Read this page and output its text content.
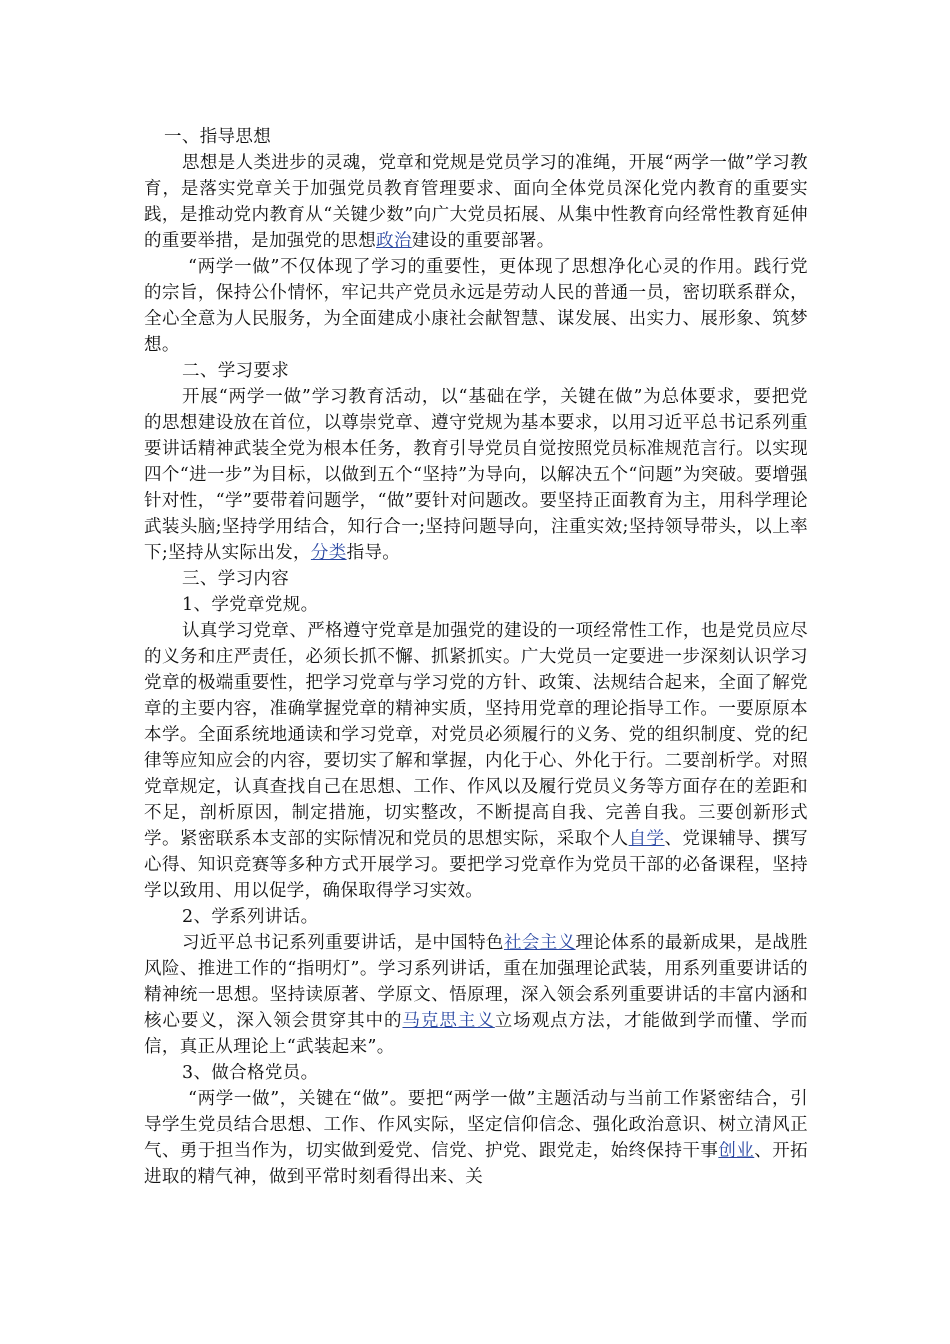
一、指导思想

思想是人类进步的灵魂，党章和党规是党员学习的准绳，开展“两学一做”学习教育，是落实党章关于加强党员教育管理要求、面向全体党员深化党内教育的重要实践，是推动党内教育从“关键少数”向广大党员拓展、从集中性教育向经常性教育延伸的重要举措，是加强党的思想政治建设的重要部署。

“两学一做”不仅体现了学习的重要性，更体现了思想净化心灵的作用。践行党的宗旨，保持公仆情怀，牢记共产党员永远是劳动人民的普通一员，密切联系群众，全心全意为人民服务，为全面建成小康社会献智慧、谋发展、出实力、展形象、筑梦想。

二、学习要求

开展“两学一做”学习教育活动，以“基础在学，关键在做”为总体要求，要把党的思想建设放在首位，以尊崇党章、遵守党规为基本要求，以用习近平总书记系列重要讲话精神武装全党为根本任务，教育引导党员自觉按照党员标准规范言行。以实现四个“进一步”为目标，以做到五个“坚持”为导向，以解决五个“问题”为突破。要增强针对性，“学”要带着问题学，“做”要针对问题改。要坚持正面教育为主，用科学理论武装头脑;坚持学用结合，知行合一;坚持问题导向，注重实效;坚持领导带头，以上率下;坚持从实际出发，分类指导。

三、学习内容

1、学党章党规。

认真学习党章、严格遵守党章是加强党的建设的一项经常性工作，也是党员应尽的义务和庄严责任，必须长抓不懈、抓紧抓实。广大党员一定要进一步深刻认识学习党章的极端重要性，把学习党章与学习党的方针、政策、法规结合起来，全面了解党章的主要内容，准确掌握党章的精神实质，坚持用党章的理论指导工作。一要原原本本学。全面系统地通读和学习党章，对党员必须履行的义务、党的组织制度、党的纪律等应知应会的内容，要切实了解和掌握，内化于心、外化于行。二要剖析学。对照党章规定，认真查找自己在思想、工作、作风以及履行党员义务等方面存在的差距和不足，剖析原因，制定措施，切实整改，不断提高自我、完善自我。三要创新形式学。紧密联系本支部的实际情况和党员的思想实际，采取个人自学、党课辅导、撰写心得、知识竞赛等多种方式开展学习。要把学习党章作为党员干部的必备课程，坚持学以致用、用以促学，确保取得学习实效。

2、学系列讲话。

习近平总书记系列重要讲话，是中国特色社会主义理论体系的最新成果，是战胜风险、推进工作的“指明灯”。学习系列讲话，重在加强理论武装，用系列重要讲话的精神统一思想。坚持读原著、学原文、悟原理，深入领会系列重要讲话的丰富内涵和核心要义，深入领会贯穿其中的马克思主义立场观点方法，才能做到学而懂、学而信，真正从理论上“武装起来”。

3、做合格党员。

“两学一做”，关键在“做”。要把“两学一做”主题活动与当前工作紧密结合，引导学生党员结合思想、工作、作风实际，坚定信仰信念、强化政治意识、树立清风正气、勇于担当作为，切实做到爱党、信党、护党、跟党走，始终保持干事创业、开拓进取的精气神，做到平常时刻看得出来、关
